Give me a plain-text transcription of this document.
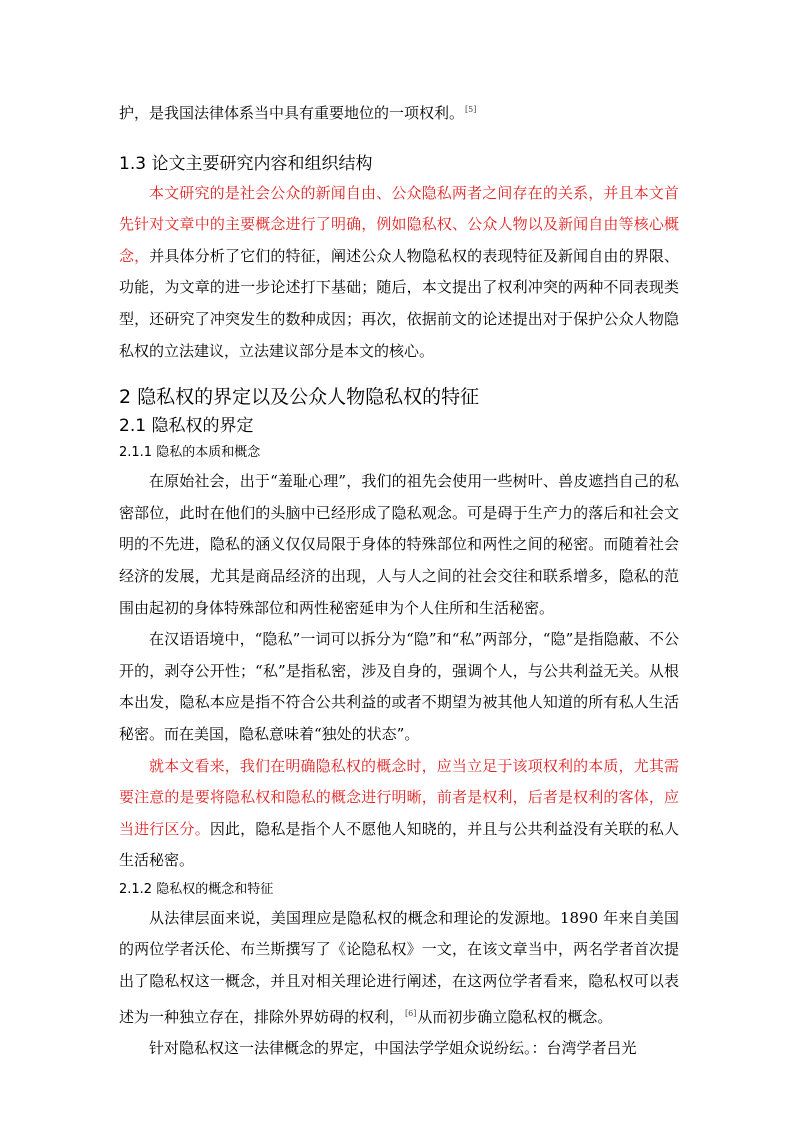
护，是我国法律体系当中具有重要地位的一项权利。[5]

1.3 论文主要研究内容和组织结构

本文研究的是社会公众的新闻自由、公众隐私两者之间存在的关系，并且本文首先针对文章中的主要概念进行了明确，例如隐私权、公众人物以及新闻自由等核心概念，并具体分析了它们的特征，阐述公众人物隐私权的表现特征及新闻自由的界限、功能，为文章的进一步论述打下基础；随后，本文提出了权利冲突的两种不同表现类型，还研究了冲突发生的数种成因；再次，依据前文的论述提出对于保护公众人物隐私权的立法建议，立法建议部分是本文的核心。

2 隐私权的界定以及公众人物隐私权的特征
2.1 隐私权的界定
2.1.1 隐私的本质和概念

在原始社会，出于“羞耻心理”，我们的祖先会使用一些树叶、兽皮遮挡自己的私密部位，此时在他们的头脑中已经形成了隐私观念。可是碍于生产力的落后和社会文明的不先进，隐私的涵义仅仅局限于身体的特殊部位和两性之间的秘密。而随着社会经济的发展，尤其是商品经济的出现，人与人之间的社会交往和联系增多，隐私的范围由起初的身体特殊部位和两性秘密延申为个人住所和生活秘密。

在汉语语境中，“隐私”一词可以拆分为“隐”和“私”两部分，“隐”是指隐蔽、不公开的，剥夺公开性；“私”是指私密，涉及自身的，强调个人，与公共利益无关。从根本出发，隐私本应是指不符合公共利益的或者不期望为被其他人知道的所有私人生活秘密。而在美国，隐私意味着“独处的状态”。

就本文看来，我们在明确隐私权的概念时，应当立足于该项权利的本质，尤其需要注意的是要将隐私权和隐私的概念进行明晰，前者是权利，后者是权利的客体，应当进行区分。因此，隐私是指个人不愿他人知晓的，并且与公共利益没有关联的私人生活秘密。

2.1.2 隐私权的概念和特征

从法律层面来说，美国理应是隐私权的概念和理论的发源地。1890 年来自美国的两位学者沃伦、布兰斯撰写了《论隐私权》一文，在该文章当中，两名学者首次提出了隐私权这一概念，并且对相关理论进行阐述，在这两位学者看来，隐私权可以表述为一种独立存在，排除外界妨碍的权利，[6]从而初步确立隐私权的概念。

针对隐私权这一法律概念的界定，中国法学学姐众说纷纭。：台湾学者吕光
